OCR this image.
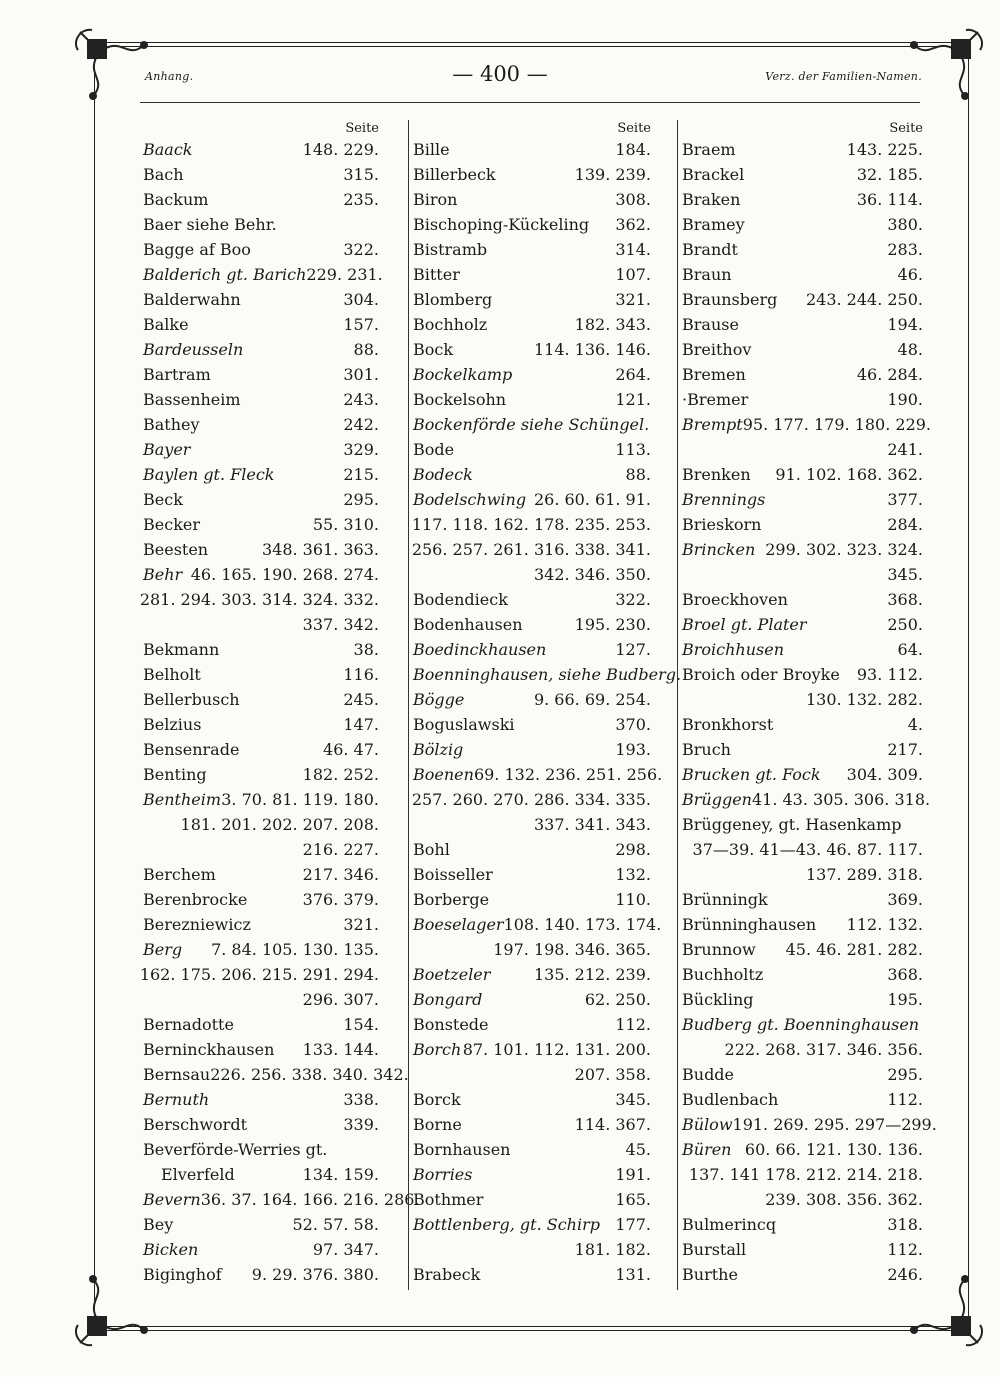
Anhang.	— 400 —	Verz. der Familien-Namen.
Seite
Baack	148. 229.
Bach	315.
Backum	235.
Baer siehe Behr.
Bagge af Boo	322.
Balderich gt. Barich 229. 231.
Balderwahn	304.
Balke	157.
Bardeusseln	88.
Bartram	301.
Bassenheim	243.
Bathey	242.
Bayer	329.
Baylen gt. Fleck	215.
Beck	295.
Becker	55. 310.
Beesten	348. 361. 363.
Behr 46. 165. 190. 268. 274.
281. 294. 303. 314. 324. 332.
337. 342.
Bekmann	38.
Belholt	116.
Bellerbusch	245.
Belzius	147.
Bensenrade	46. 47.
Benting	182. 252.
Bentheim 3. 70. 81. 119. 180.
181. 201. 202. 207. 208.
216. 227.
Berchem	217. 346.
Berenbrocke	376. 379.
Berezniewicz	321.
Berg 7. 84. 105. 130. 135.
162. 175. 206. 215. 291. 294.
296. 307.
Bernadotte	154.
Berninckhausen 133. 144.
Bernsau 226. 256. 338. 340. 342.
Bernuth	338.
Berschwordt	339.
Beverförde-Werries gt.
Elverfeld	134. 159.
Bevern 36. 37. 164. 166. 216. 286.
Bey	52. 57. 58.
Bicken	97. 347.
Biginghof 9. 29. 376. 380.
Seite
Bille	184.
Billerbeck	139. 239.
Biron	308.
Bischoping-Kückeling 362.
Bistramb	314.
Bitter	107.
Blomberg	321.
Bochholz	182. 343.
Bock	114. 136. 146.
Bockelkamp	264.
Bockelsohn	121.
Bockenförde siehe Schüngel.
Bode	113.
Bodeck	88.
Bodelschwing 26. 60. 61. 91.
117. 118. 162. 178. 235. 253.
256. 257. 261. 316. 338. 341.
342. 346. 350.
Bodendieck	322.
Bodenhausen	195. 230.
Boedinckhausen	127.
Boenninghausen, siehe Budberg.
Bögge	9. 66. 69. 254.
Boguslawski	370.
Bölzig	193.
Boenen 69. 132. 236. 251. 256.
257. 260. 270. 286. 334. 335.
337. 341. 343.
Bohl	298.
Boisseller	132.
Borberge	110.
Boeselager 108. 140. 173. 174.
197. 198. 346. 365.
Boetzeler	135. 212. 239.
Bongard	62. 250.
Bonstede	112.
Borch 87. 101. 112. 131. 200.
207. 358.
Borck	345.
Borne	114. 367.
Bornhausen	45.
Borries	191.
Bothmer	165.
Bottlenberg, gt. Schirp 177.
181. 182.
Brabeck	131.
Seite
Braem	143. 225.
Brackel	32. 185.
Braken	36. 114.
Bramey	380.
Brandt	283.
Braun	46.
Braunsberg 243. 244. 250.
Brause	194.
Breithov	48.
Bremen	46. 284.
·Bremer	190.
Brempt 95. 177. 179. 180. 229.
241.
Brenken 91. 102. 168. 362.
Brennings	377.
Brieskorn	284.
Brincken 299. 302. 323. 324.
345.
Broeckhoven	368.
Broel gt. Plater	250.
Broichhusen	64.
Broich oder Broyke 93. 112.
130. 132. 282.
Bronkhorst	4.
Bruch	217.
Brucken gt. Fock 304. 309.
Brüggen 41. 43. 305. 306. 318.
Brüggeney, gt. Hasenkamp
37—39. 41—43. 46. 87. 117.
137. 289. 318.
Brünningk	369.
Brünninghausen 112. 132.
Brunnow 45. 46. 281. 282.
Buchholtz	368.
Bückling	195.
Budberg gt. Boenninghausen
222. 268. 317. 346. 356.
Budde	295.
Budlenbach	112.
Bülow 191. 269. 295. 297—299.
Büren 60. 66. 121. 130. 136.
137. 141 178. 212. 214. 218.
239. 308. 356. 362.
Bulmerincq	318.
Burstall	112.
Burthe	246.
